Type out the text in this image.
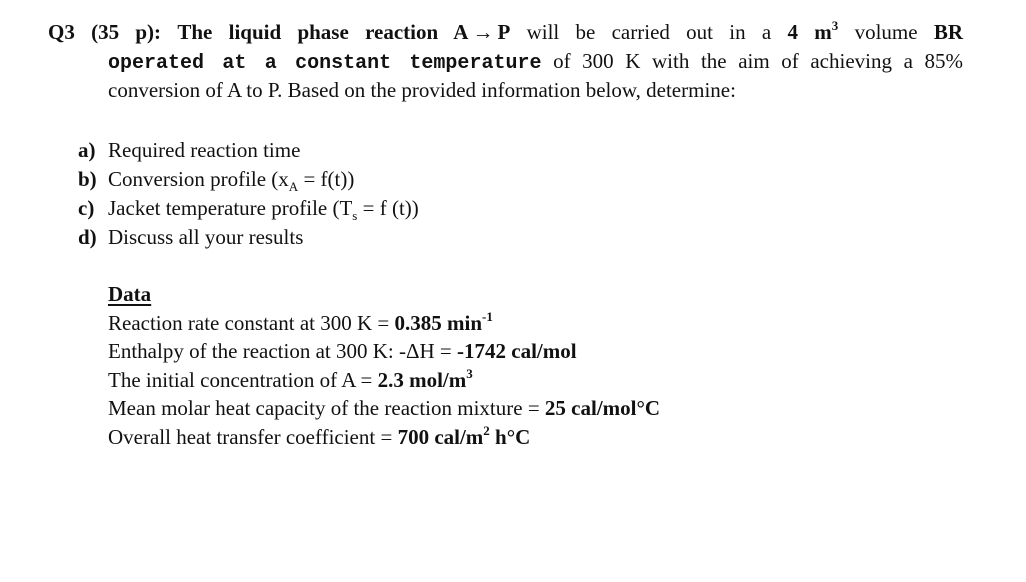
Q3 (35 p): The liquid phase reaction A → P will be carried out in a 4 $m^3$ volume BR
operated at a constant temperature of 300 K with the aim of achieving a 85%
conversion of A to P. Based on the provided information below, determine:
a) Required reaction time
b) Conversion profile $(x_A = f(t))$
c) Jacket temperature profile ($T_s = f$ (t))
d) Discuss all your results
Data
Reaction rate constant at 300 K = 0.385 $\min^{-1}$
Enthalpy of the reaction at 300 K: -ΔH = -1742 cal/mol
The initial concentration of A = 2.3 mol/$m^3$
Mean molar heat capacity of the reaction mixture = 25 cal/mol°C
Overall heat transfer coefficient = 700 cal/$m^2$ h°C
